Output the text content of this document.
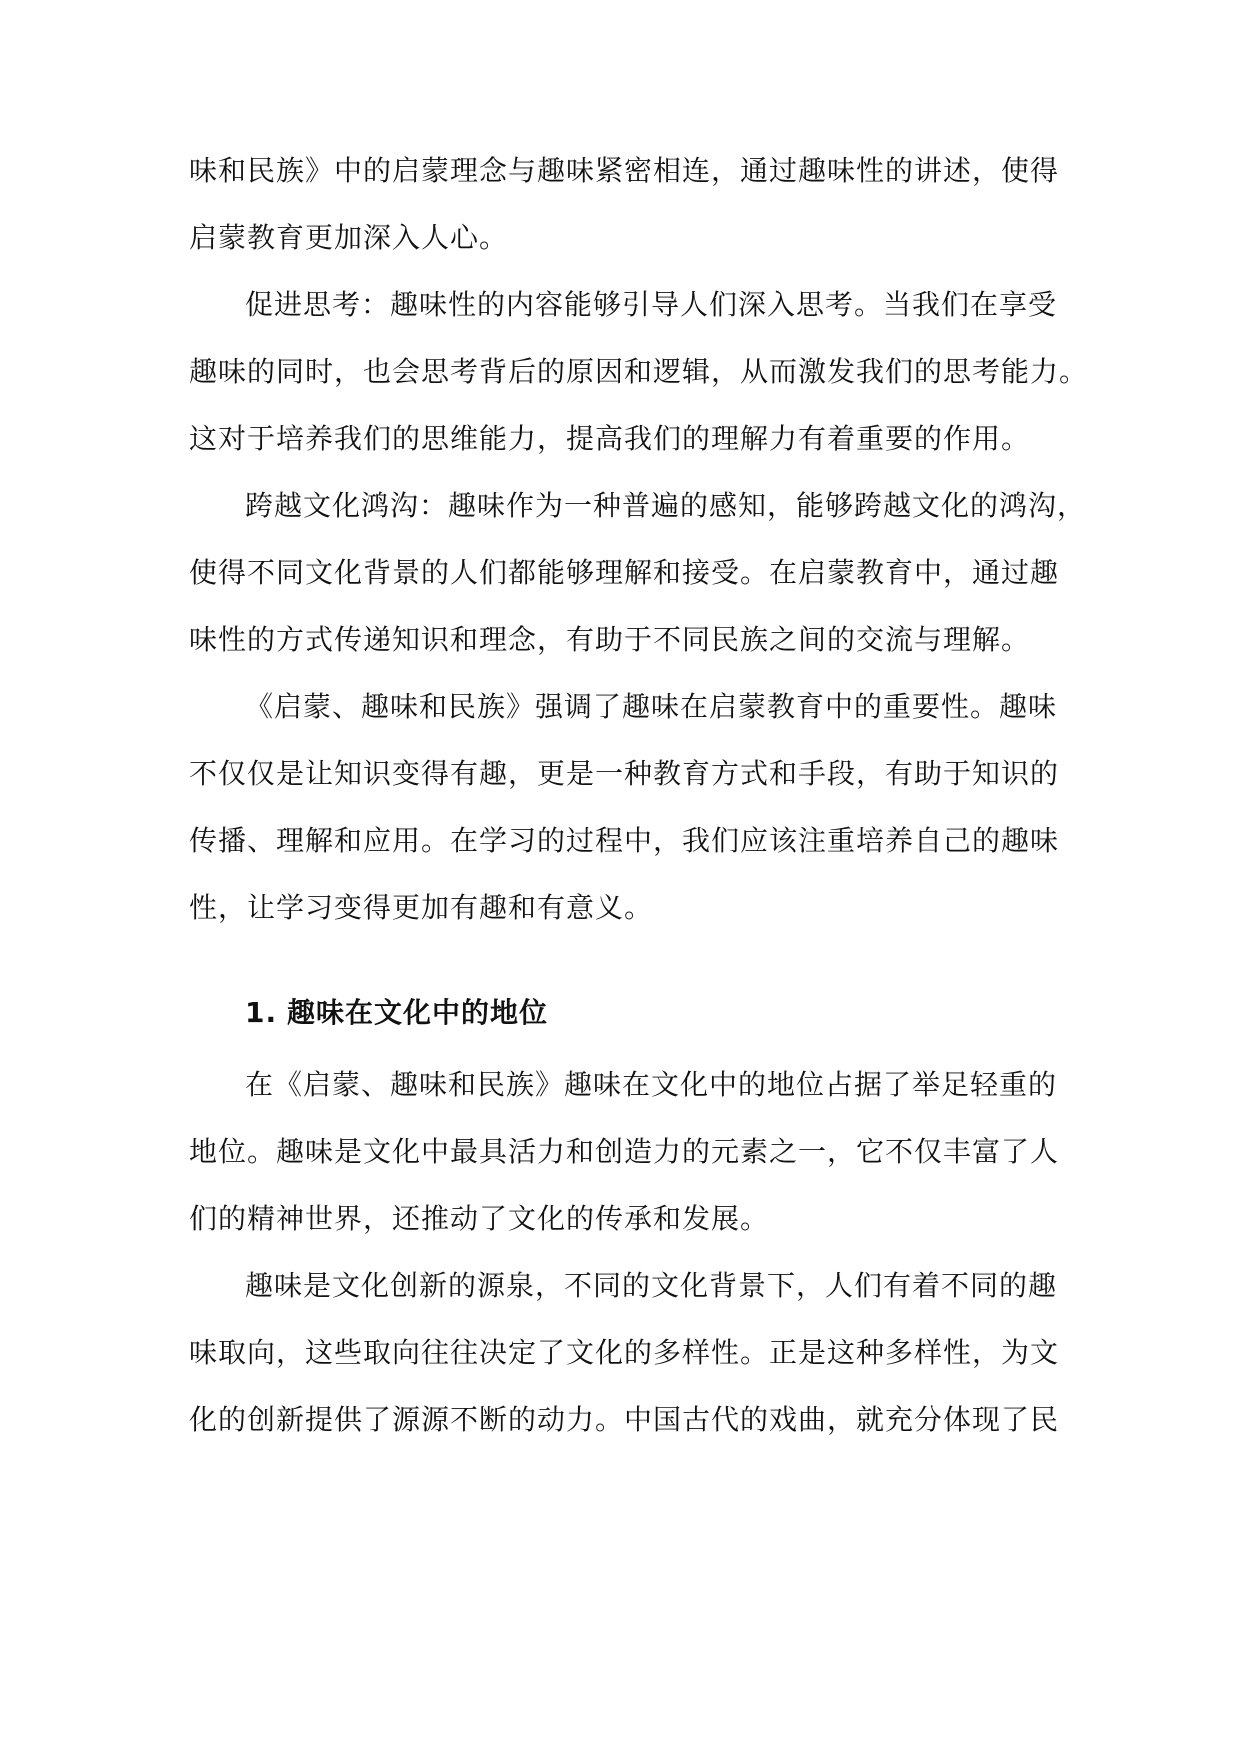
味和民族》中的启蒙理念与趣味紧密相连，通过趣味性的讲述，使得
启蒙教育更加深入人心。
促进思考：趣味性的内容能够引导人们深入思考。当我们在享受
趣味的同时，也会思考背后的原因和逻辑，从而激发我们的思考能力。
这对于培养我们的思维能力，提高我们的理解力有着重要的作用。
跨越文化鸿沟：趣味作为一种普遍的感知，能够跨越文化的鸿沟，
使得不同文化背景的人们都能够理解和接受。在启蒙教育中，通过趣
味性的方式传递知识和理念，有助于不同民族之间的交流与理解。
《启蒙、趣味和民族》强调了趣味在启蒙教育中的重要性。趣味
不仅仅是让知识变得有趣，更是一种教育方式和手段，有助于知识的
传播、理解和应用。在学习的过程中，我们应该注重培养自己的趣味
性，让学习变得更加有趣和有意义。
1. 趣味在文化中的地位
在《启蒙、趣味和民族》趣味在文化中的地位占据了举足轻重的
地位。趣味是文化中最具活力和创造力的元素之一，它不仅丰富了人
们的精神世界，还推动了文化的传承和发展。
趣味是文化创新的源泉，不同的文化背景下，人们有着不同的趣
味取向，这些取向往往决定了文化的多样性。正是这种多样性，为文
化的创新提供了源源不断的动力。中国古代的戏曲，就充分体现了民
